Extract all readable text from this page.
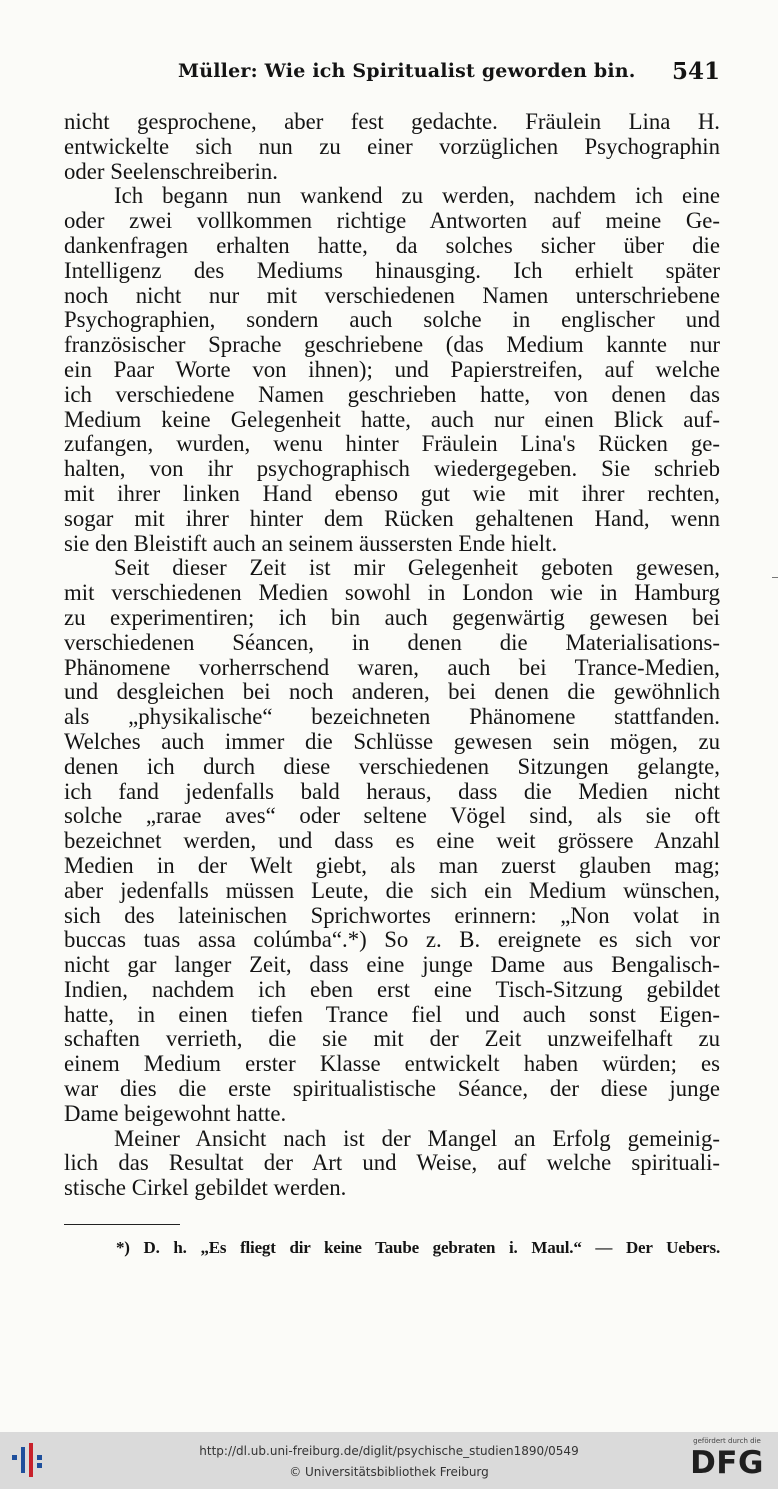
Müller: Wie ich Spiritualist geworden bin. 541
nicht gesprochene, aber fest gedachte. Fräulein Lina H.
entwickelte sich nun zu einer vorzüglichen Psychographin
oder Seelenschreiberin.
Ich begann nun wankend zu werden, nachdem ich eine
oder zwei vollkommen richtige Antworten auf meine Ge-
dankenfragen erhalten hatte, da solches sicher über die
Intelligenz des Mediums hinausging. Ich erhielt später
noch nicht nur mit verschiedenen Namen unterschriebene
Psychographien, sondern auch solche in englischer und
französischer Sprache geschriebene (das Medium kannte nur
ein Paar Worte von ihnen); und Papierstreifen, auf welche
ich verschiedene Namen geschrieben hatte, von denen das
Medium keine Gelegenheit hatte, auch nur einen Blick auf-
zufangen, wurden, wenu hinter Fräulein Lina's Rücken ge-
halten, von ihr psychographisch wiedergegeben. Sie schrieb
mit ihrer linken Hand ebenso gut wie mit ihrer rechten,
sogar mit ihrer hinter dem Rücken gehaltenen Hand, wenn
sie den Bleistift auch an seinem äussersten Ende hielt.
Seit dieser Zeit ist mir Gelegenheit geboten gewesen,
mit verschiedenen Medien sowohl in London wie in Hamburg
zu experimentiren; ich bin auch gegenwärtig gewesen bei
verschiedenen Séancen, in denen die Materialisations-
Phänomene vorherrschend waren, auch bei Trance-Medien,
und desgleichen bei noch anderen, bei denen die gewöhnlich
als „physikalische“ bezeichneten Phänomene stattfanden.
Welches auch immer die Schlüsse gewesen sein mögen, zu
denen ich durch diese verschiedenen Sitzungen gelangte,
ich fand jedenfalls bald heraus, dass die Medien nicht
solche „rarae aves“ oder seltene Vögel sind, als sie oft
bezeichnet werden, und dass es eine weit grössere Anzahl
Medien in der Welt giebt, als man zuerst glauben mag;
aber jedenfalls müssen Leute, die sich ein Medium wünschen,
sich des lateinischen Sprichwortes erinnern: „Non volat in
buccas tuas assa colúmba“.*) So z. B. ereignete es sich vor
nicht gar langer Zeit, dass eine junge Dame aus Bengalisch-
Indien, nachdem ich eben erst eine Tisch-Sitzung gebildet
hatte, in einen tiefen Trance fiel und auch sonst Eigen-
schaften verrieth, die sie mit der Zeit unzweifelhaft zu
einem Medium erster Klasse entwickelt haben würden; es
war dies die erste spiritualistische Séance, der diese junge
Dame beigewohnt hatte.
Meiner Ansicht nach ist der Mangel an Erfolg gemeinig-
lich das Resultat der Art und Weise, auf welche spirituali-
stische Cirkel gebildet werden.
*) D. h. „Es fliegt dir keine Taube gebraten i. Maul.“ — Der Uebers.
http://dl.ub.uni-freiburg.de/diglit/psychische_studien1890/0549
© Universitätsbibliothek Freiburg
gefördert durch die
DFG
